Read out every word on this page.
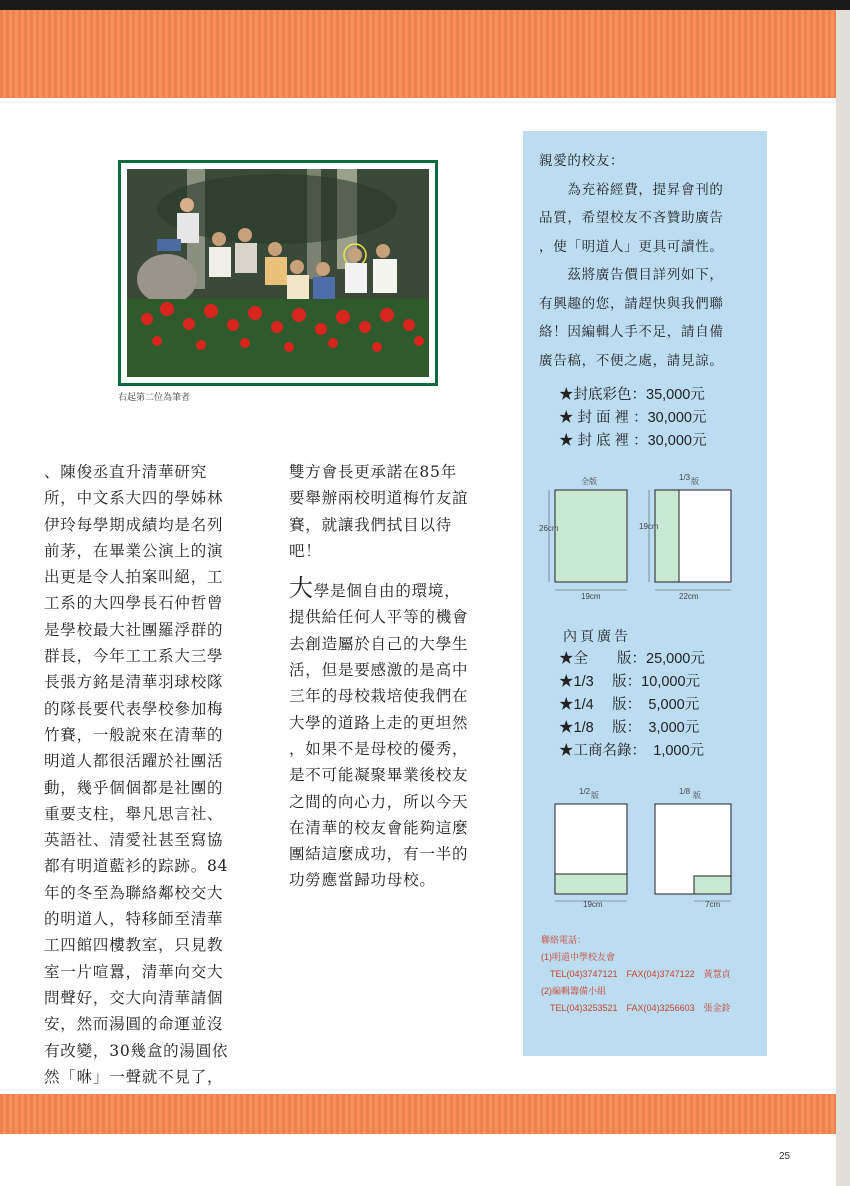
右起第二位為筆者

、陳俊丞直升清華研究

所，中文系大四的學姊林

伊玲每學期成績均是名列

前茅，在畢業公演上的演

出更是令人拍案叫絕，工

工系的大四學長石仲哲曾

是學校最大社團羅浮群的

群長，今年工工系大三學

長張方銘是清華羽球校隊

的隊長要代表學校參加梅

竹賽，一般說來在清華的

明道人都很活躍於社團活

動，幾乎個個都是社團的

重要支柱，舉凡思言社、

英語社、清愛社甚至寫協

都有明道藍衫的踪跡。84

年的冬至為聯絡鄰校交大

的明道人，特移師至清華

工四館四樓教室，只見教

室一片喧囂，清華向交大

問聲好，交大向清華請個

安，然而湯圓的命運並沒

有改變，30幾盒的湯圓依

然「咻」一聲就不見了，

雙方會長更承諾在85年

要舉辦兩校明道梅竹友誼

賽，就讓我們拭目以待

吧！

大學是個自由的環境，

提供給任何人平等的機會

去創造屬於自己的大學生

活，但是要感激的是高中

三年的母校栽培使我們在

大學的道路上走的更坦然

，如果不是母校的優秀，

是不可能凝聚畢業後校友

之間的向心力，所以今天

在清華的校友會能夠這麼

團結這麼成功，有一半的

功勞應當歸功母校。

親愛的校友：

　　為充裕經費，提昇會刊的

品質，希望校友不吝贊助廣告

，使「明道人」更具可讀性。

　　茲將廣告價目詳列如下，

有興趣的您，請趕快與我們聯

絡！因編輯人手不足，請自備

廣告稿，不便之處，請見諒。

★封底彩色：35,000元

★ 封 面 裡 ：30,000元

★ 封 底 裡 ：30,000元

全版
26cm
19cm
1/3 版
19cm
22cm
內頁廣告

★全　　版：25,000元

★1/3　 版：10,000元

★1/4　 版：　5,000元

★1/8　 版：　3,000元

★工商名錄：　1,000元

1/2 版
19cm
1/8 版
7cm

聯絡電話：

(1)明道中學校友會

　TEL(04)3747121　FAX(04)3747122　黃慧貞

(2)編輯籌備小組

　TEL(04)3253521　FAX(04)3256603　張金鈴

25
